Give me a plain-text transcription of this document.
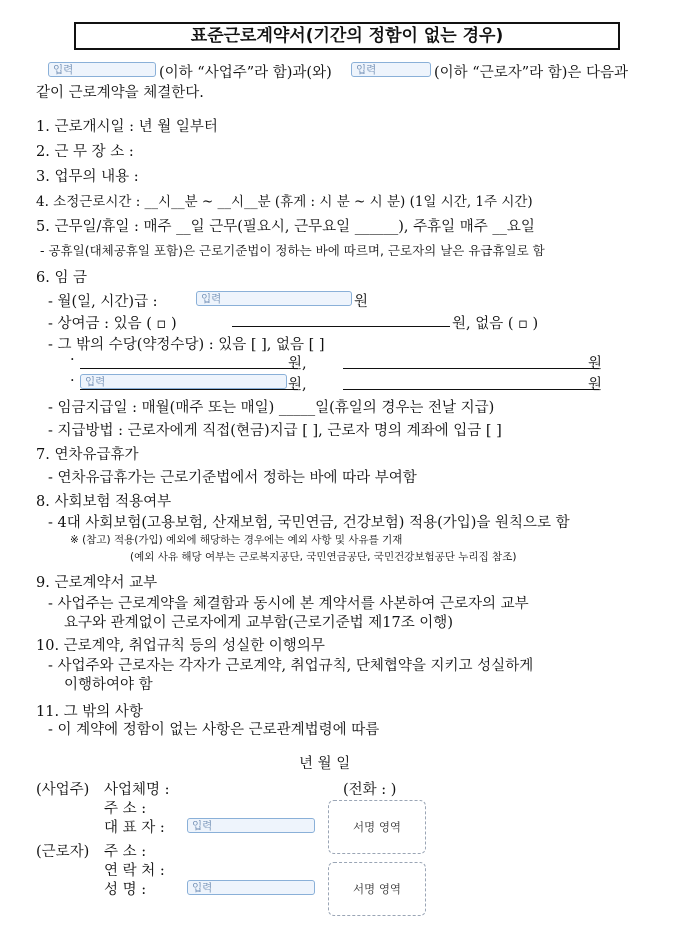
표준근로계약서(기간의 정함이 없는 경우)
입력	(이하 “사업주”라 함)과(와)	입력	(이하 “근로자”라 함)은 다음과
같이 근로계약을 체결한다.
1. 근로개시일 : 년 월 일부터
2. 근 무 장 소 :
3. 업무의 내용 :
4. 소정근로시간 : __시__분 ~ __시__분 (휴게 : 시 분 ~ 시 분) (1일 시간, 1주 시간)
5. 근무일/휴일 : 매주 __일 근무(필요시, 근무요일 ______), 주휴일 매주 __요일
- 공휴일(대체공휴일 포함)은 근로기준법이 정하는 바에 따르며, 근로자의 날은 유급휴일로 함
6. 임 금
- 월(일, 시간)급 :	입력	원
- 상여금 : 있음 ( ▫ )	원, 없음 ( ▫ )
- 그 밖의 수당(약정수당) : 있음 [ ], 없음 [ ]
·	원,	원
· 입력	원,	원
- 임금지급일 : 매월(매주 또는 매일) _____일(휴일의 경우는 전날 지급)
- 지급방법 : 근로자에게 직접(현금)지급 [ ], 근로자 명의 계좌에 입금 [ ]
7. 연차유급휴가
- 연차유급휴가는 근로기준법에서 정하는 바에 따라 부여함
8. 사회보험 적용여부
- 4대 사회보험(고용보험, 산재보험, 국민연금, 건강보험) 적용(가입)을 원칙으로 함
※ (참고) 적용(가입) 예외에 해당하는 경우에는 예외 사항 및 사유를 기재
(예외 사유 해당 여부는 근로복지공단, 국민연금공단, 국민건강보험공단 누리집 참조)
9. 근로계약서 교부
- 사업주는 근로계약을 체결함과 동시에 본 계약서를 사본하여 근로자의 교부
요구와 관계없이 근로자에게 교부함(근로기준법 제17조 이행)
10. 근로계약, 취업규칙 등의 성실한 이행의무
- 사업주와 근로자는 각자가 근로계약, 취업규칙, 단체협약을 지키고 성실하게
이행하여야 함
11. 그 밖의 사항
- 이 계약에 정함이 없는 사항은 근로관계법령에 따름
년 월 일
(사업주) 사업체명 :	(전화 : )
주 소 :
대 표 자 :	입력	서명 영역
(근로자) 주 소 :
연 락 처 :
성 명 :	입력	서명 영역
